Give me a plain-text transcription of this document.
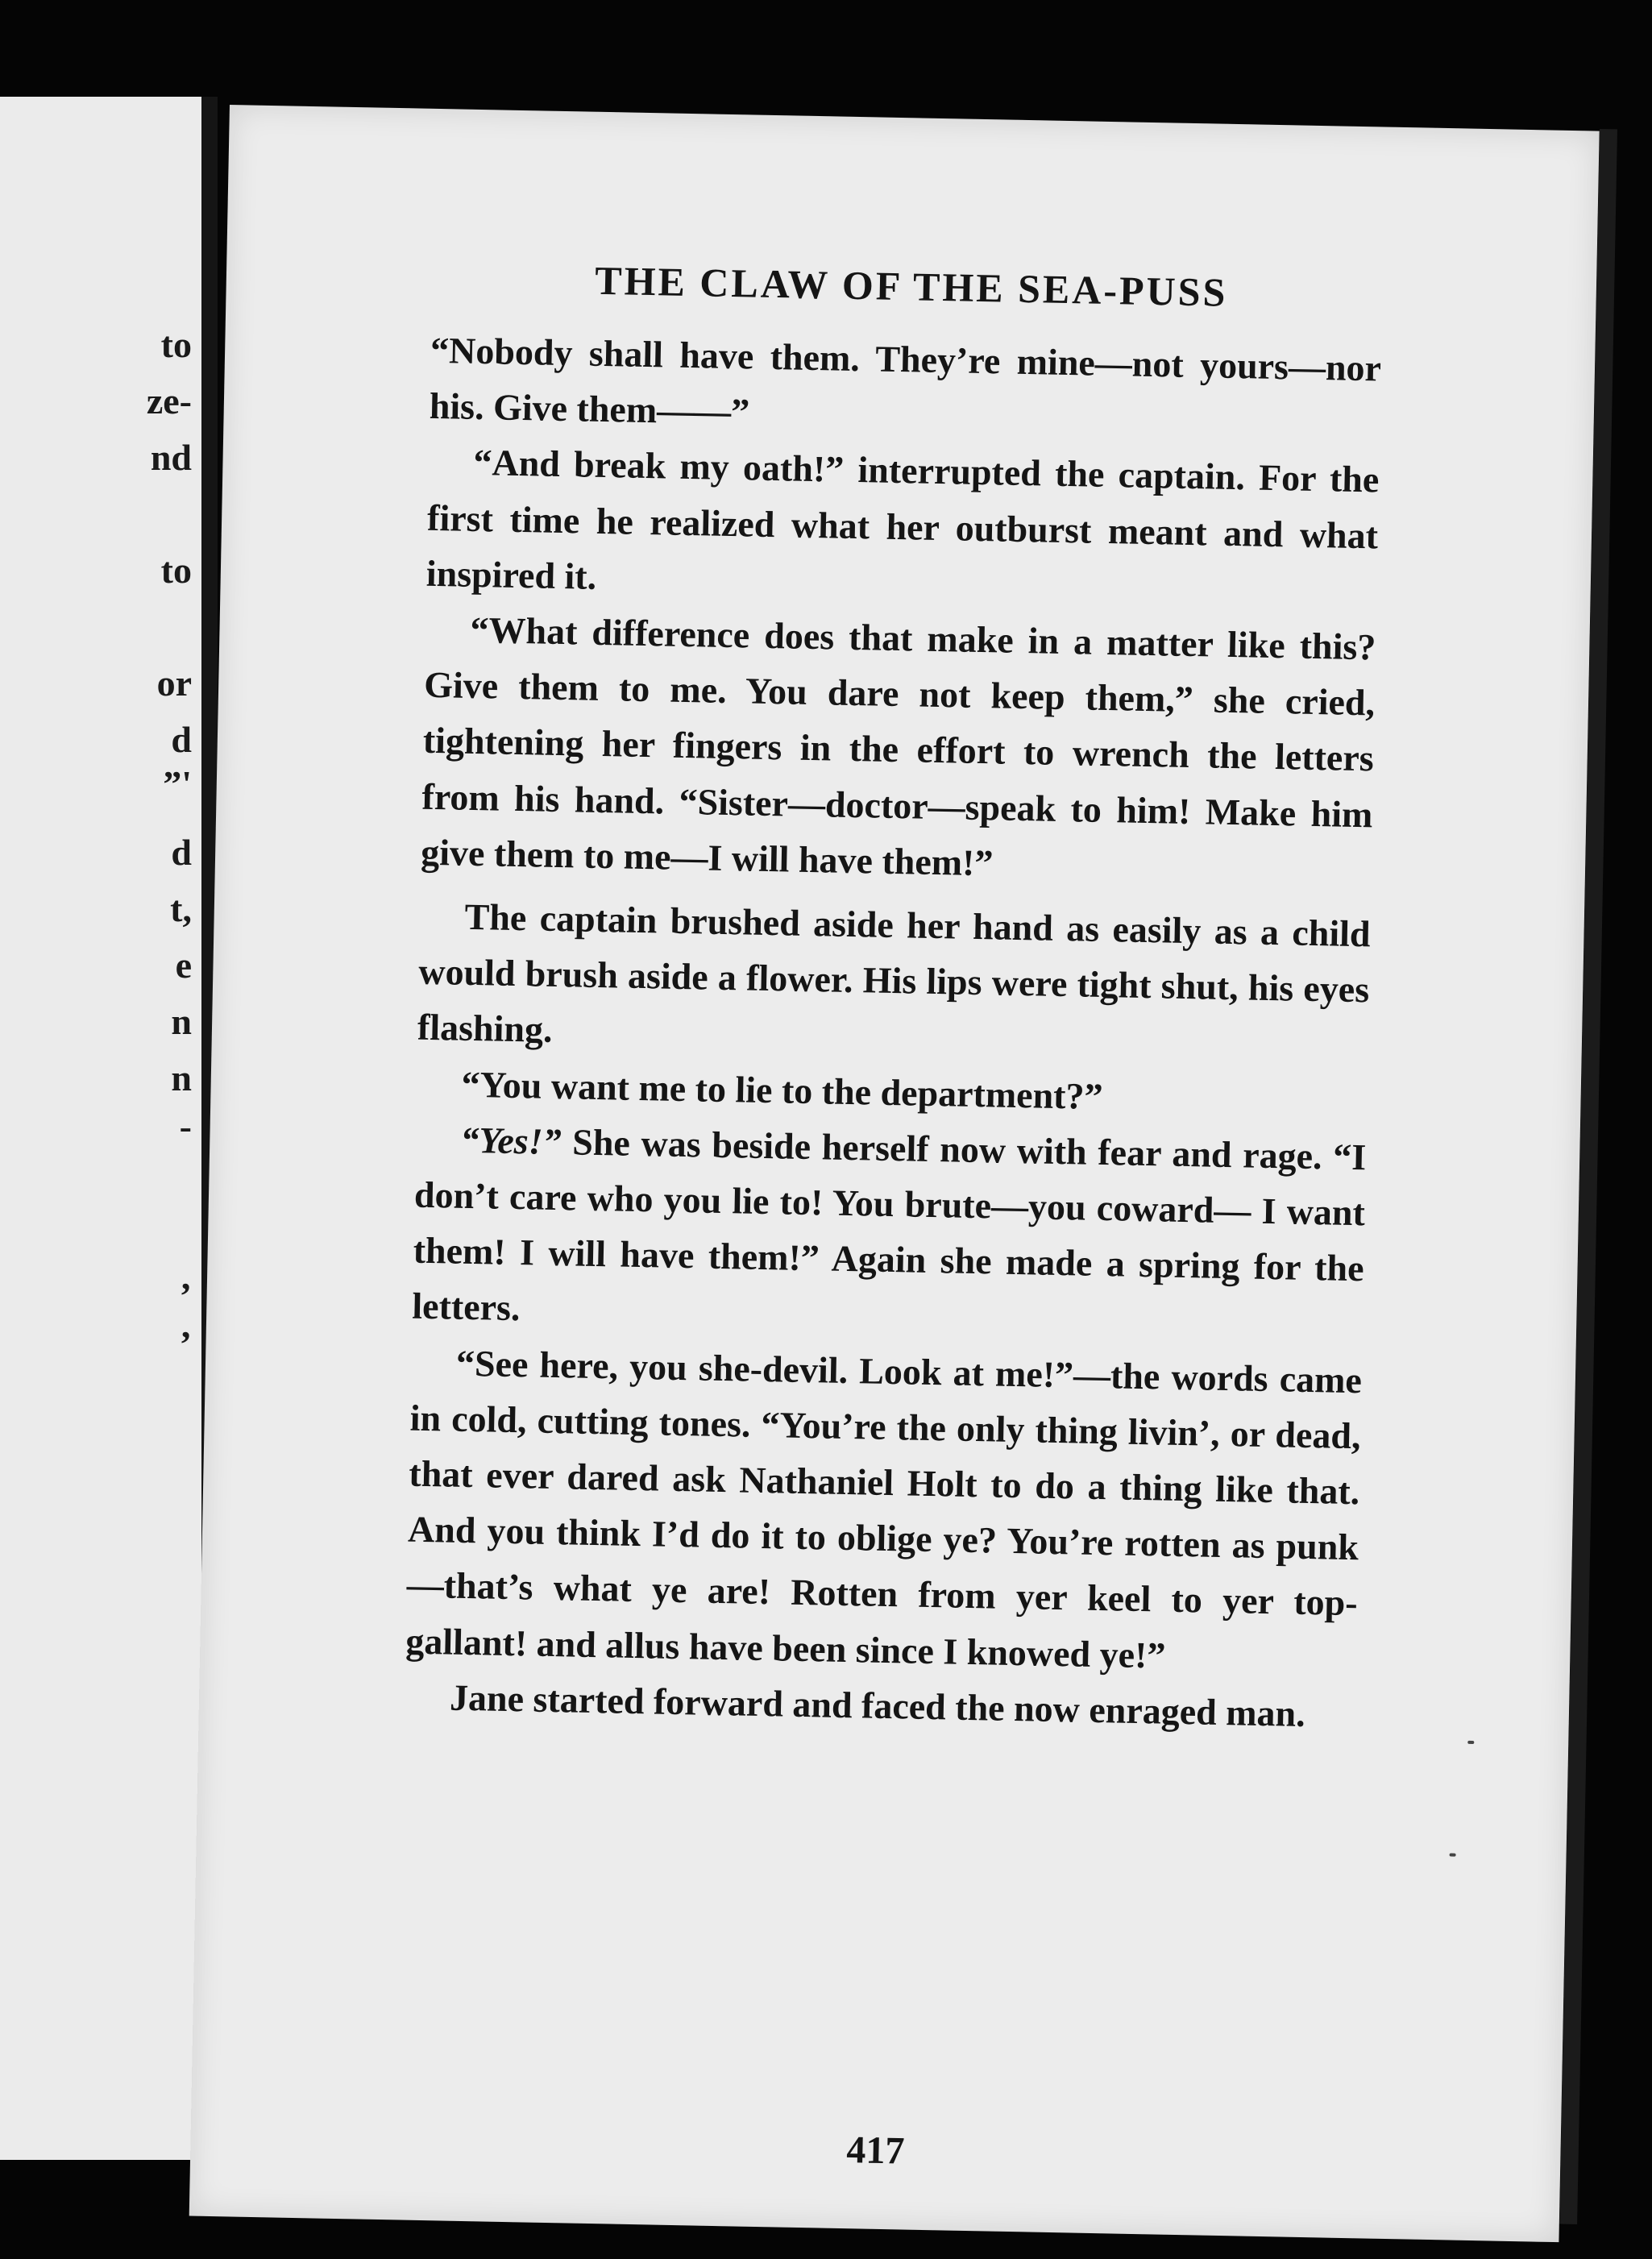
to
ze-
nd
to
or
d
”'
d
t,
e
n
n
-
’
’
THE CLAW OF THE SEA-PUSS

“Nobody shall have them. They’re mine—not yours—nor his. Give them——”

“And break my oath!” interrupted the captain. For the first time he realized what her outburst meant and what inspired it.

“What difference does that make in a matter like this? Give them to me. You dare not keep them,” she cried, tightening her fingers in the effort to wrench the letters from his hand. “Sister—doctor—speak to him! Make him give them to me—I will have them!”

The captain brushed aside her hand as easily as a child would brush aside a flower. His lips were tight shut, his eyes flashing.

“You want me to lie to the department?”

“Yes!” She was beside herself now with fear and rage. “I don’t care who you lie to! You brute—you coward— I want them! I will have them!” Again she made a spring for the letters.

“See here, you she-devil. Look at me!”—the words came in cold, cutting tones. “You’re the only thing livin’, or dead, that ever dared ask Nathaniel Holt to do a thing like that. And you think I’d do it to oblige ye? You’re rotten as punk—that’s what ye are! Rotten from yer keel to yer top-gallant! and allus have been since I knowed ye!”

Jane started forward and faced the now enraged man.

417
